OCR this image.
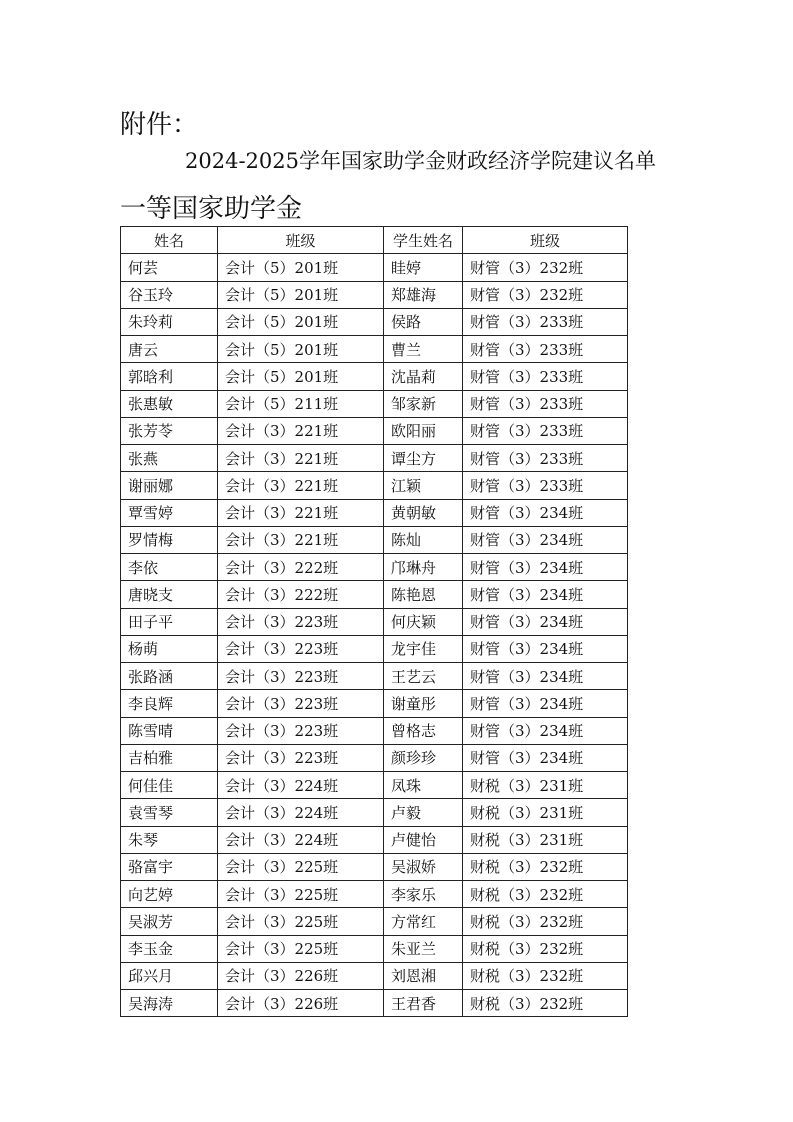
附件：
2024-2025学年国家助学金财政经济学院建议名单
一等国家助学金
姓名	班级	学生姓名	班级
何芸	会计（5）201班	眭婷	财管（3）232班
谷玉玲	会计（5）201班	郑雄海	财管（3）232班
朱玲莉	会计（5）201班	侯路	财管（3）233班
唐云	会计（5）201班	曹兰	财管（3）233班
郭晗利	会计（5）201班	沈晶莉	财管（3）233班
张惠敏	会计（5）211班	邹家新	财管（3）233班
张芳苓	会计（3）221班	欧阳丽	财管（3）233班
张燕	会计（3）221班	谭尘方	财管（3）233班
谢丽娜	会计（3）221班	江颖	财管（3）233班
覃雪婷	会计（3）221班	黄朝敏	财管（3）234班
罗情梅	会计（3）221班	陈灿	财管（3）234班
李依	会计（3）222班	邝琳舟	财管（3）234班
唐晓支	会计（3）222班	陈艳恩	财管（3）234班
田子平	会计（3）223班	何庆颖	财管（3）234班
杨萌	会计（3）223班	龙宇佳	财管（3）234班
张路涵	会计（3）223班	王艺云	财管（3）234班
李良辉	会计（3）223班	谢童彤	财管（3）234班
陈雪晴	会计（3）223班	曾格志	财管（3）234班
吉柏雅	会计（3）223班	颜珍珍	财管（3）234班
何佳佳	会计（3）224班	凤珠	财税（3）231班
袁雪琴	会计（3）224班	卢毅	财税（3）231班
朱琴	会计（3）224班	卢健怡	财税（3）231班
骆富宇	会计（3）225班	吴淑娇	财税（3）232班
向艺婷	会计（3）225班	李家乐	财税（3）232班
吴淑芳	会计（3）225班	方常红	财税（3）232班
李玉金	会计（3）225班	朱亚兰	财税（3）232班
邱兴月	会计（3）226班	刘恩湘	财税（3）232班
吴海涛	会计（3）226班	王君香	财税（3）232班
